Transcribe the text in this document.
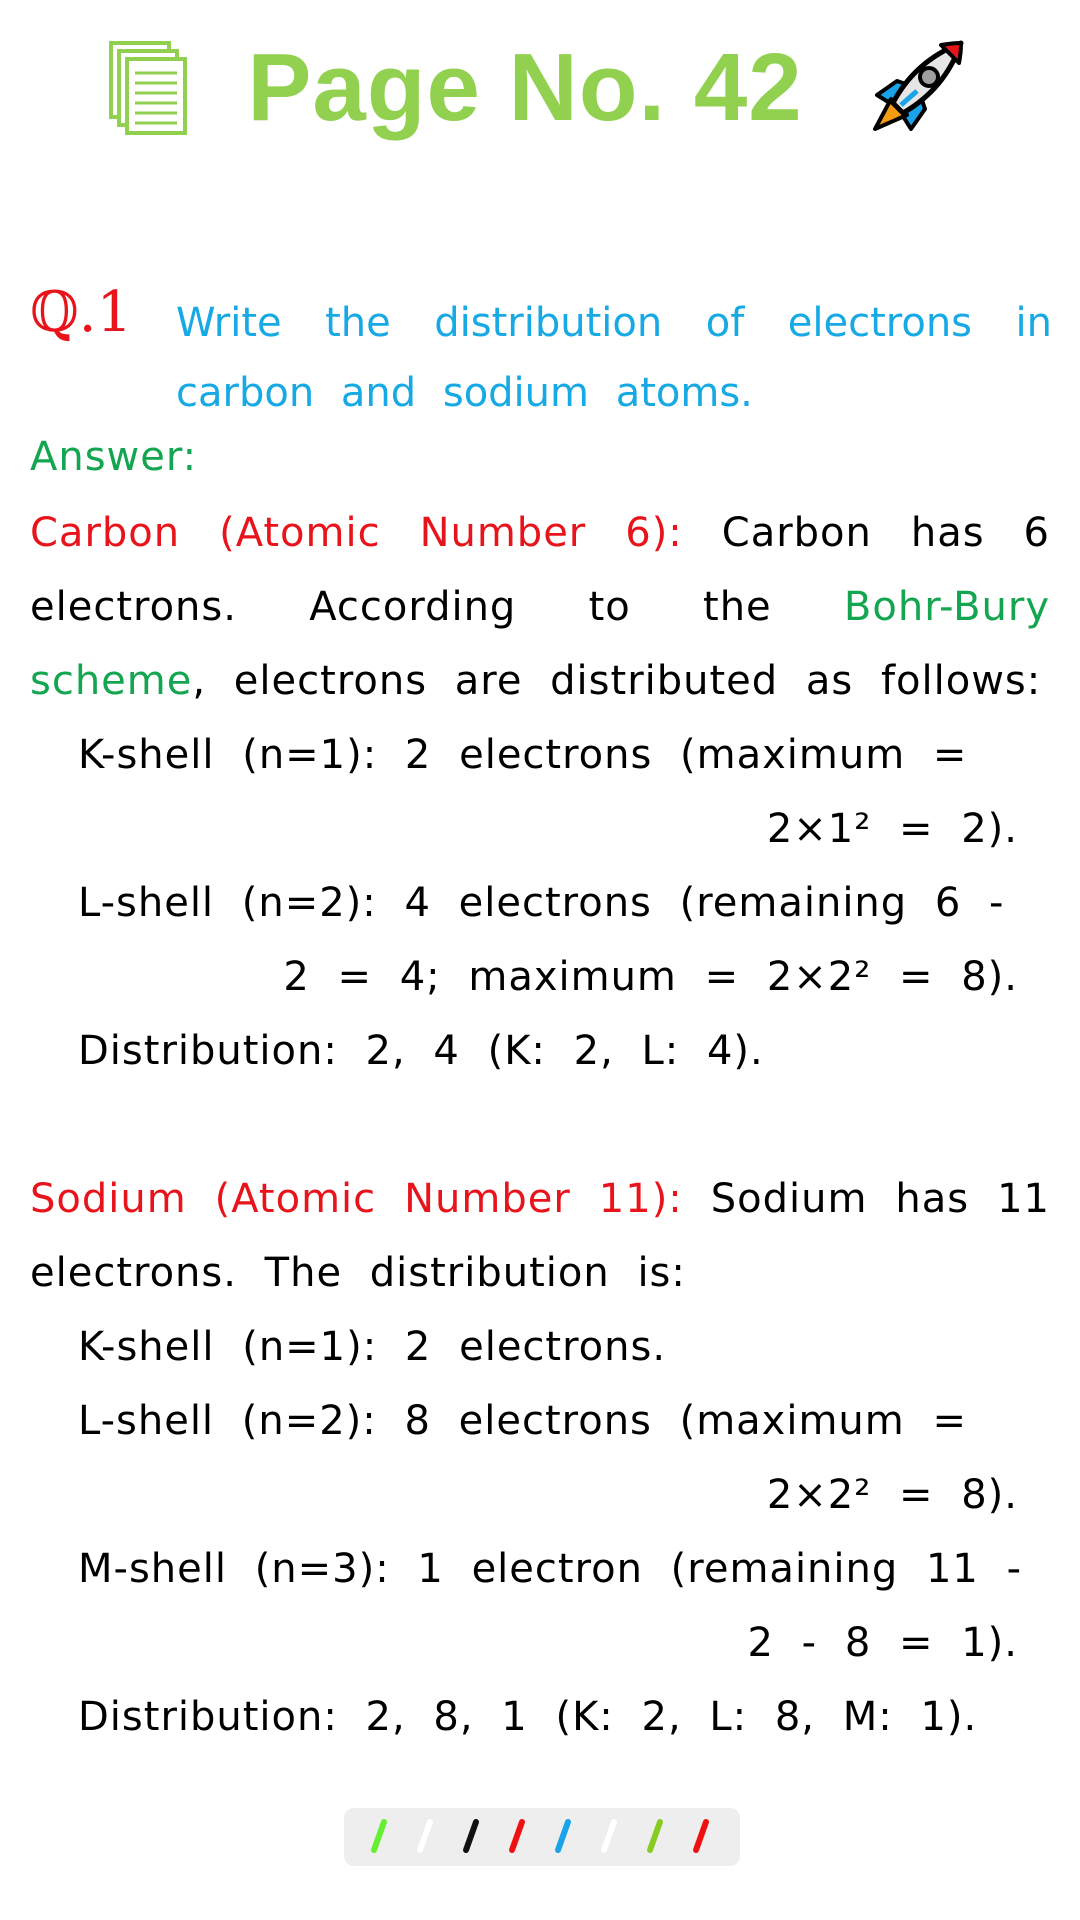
Page No. 42
ℚ.1 Write the distribution of electrons in carbon and sodium atoms.
Answer:
Carbon (Atomic Number 6): Carbon has 6 electrons. According to the Bohr-Bury scheme, electrons are distributed as follows:
K-shell (n=1): 2 electrons (maximum =
2×1² = 2).
L-shell (n=2): 4 electrons (remaining 6 -
2 = 4; maximum = 2×2² = 8).
Distribution: 2, 4 (K: 2, L: 4).
Sodium (Atomic Number 11): Sodium has 11 electrons. The distribution is:
K-shell (n=1): 2 electrons.
L-shell (n=2): 8 electrons (maximum =
2×2² = 8).
M-shell (n=3): 1 electron (remaining 11 -
2 - 8 = 1).
Distribution: 2, 8, 1 (K: 2, L: 8, M: 1).
